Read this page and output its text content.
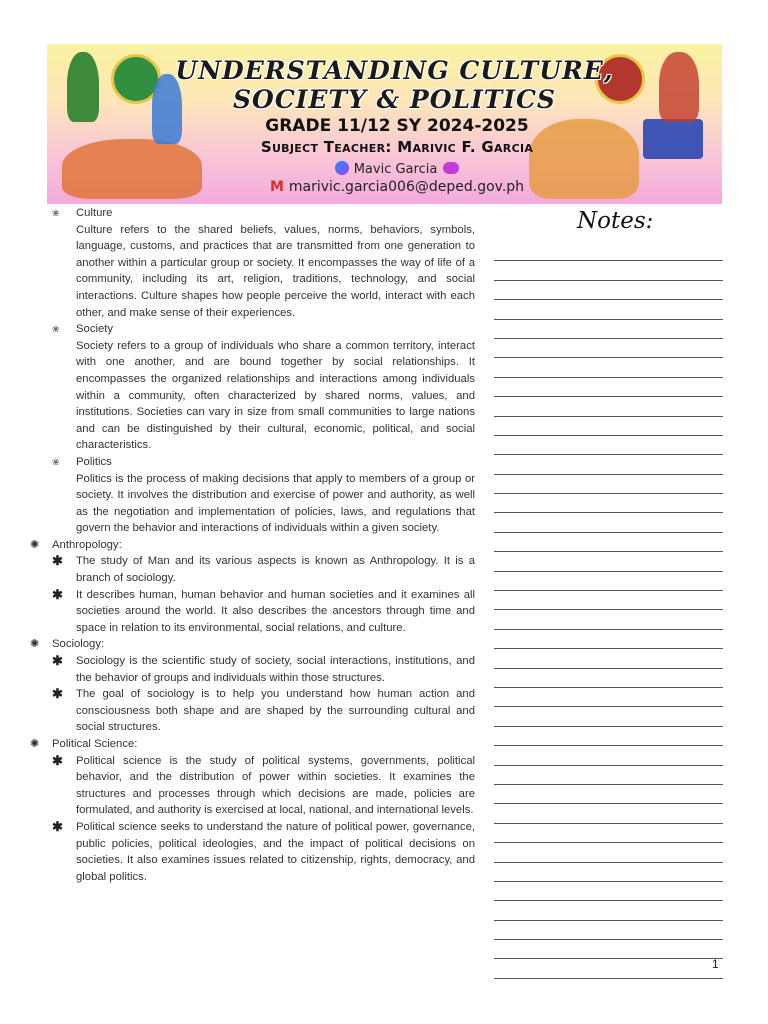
UNDERSTANDING CULTURE,
SOCIETY & POLITICS
GRADE 11/12 SY 2024-2025
Subject Teacher: Marivic F. Garcia
Mavic Garcia
M marivic.garcia006@deped.gov.ph
❀ Culture
Culture refers to the shared beliefs, values, norms, behaviors, symbols, language, customs, and practices that are transmitted from one generation to another within a particular group or society. It encompasses the way of life of a community, including its art, religion, traditions, technology, and social interactions. Culture shapes how people perceive the world, interact with each other, and make sense of their experiences.
❀ Society
Society refers to a group of individuals who share a common territory, interact with one another, and are bound together by social relationships. It encompasses the organized relationships and interactions among individuals within a community, often characterized by shared norms, values, and institutions. Societies can vary in size from small communities to large nations and can be distinguished by their cultural, economic, political, and social characteristics.
❀ Politics
Politics is the process of making decisions that apply to members of a group or society. It involves the distribution and exercise of power and authority, as well as the negotiation and implementation of policies, laws, and regulations that govern the behavior and interactions of individuals within a given society.
✺ Anthropology:
✱ The study of Man and its various aspects is known as Anthropology. It is a branch of sociology.
✱ It describes human, human behavior and human societies and it examines all societies around the world. It also describes the ancestors through time and space in relation to its environmental, social relations, and culture.
✺ Sociology:
✱ Sociology is the scientific study of society, social interactions, institutions, and the behavior of groups and individuals within those structures.
✱ The goal of sociology is to help you understand how human action and consciousness both shape and are shaped by the surrounding cultural and social structures.
✺ Political Science:
✱ Political science is the study of political systems, governments, political behavior, and the distribution of power within societies. It examines the structures and processes through which decisions are made, policies are formulated, and authority is exercised at local, national, and international levels.
✱ Political science seeks to understand the nature of political power, governance, public policies, political ideologies, and the impact of political decisions on societies. It also examines issues related to citizenship, rights, democracy, and global politics.
Notes:
1
